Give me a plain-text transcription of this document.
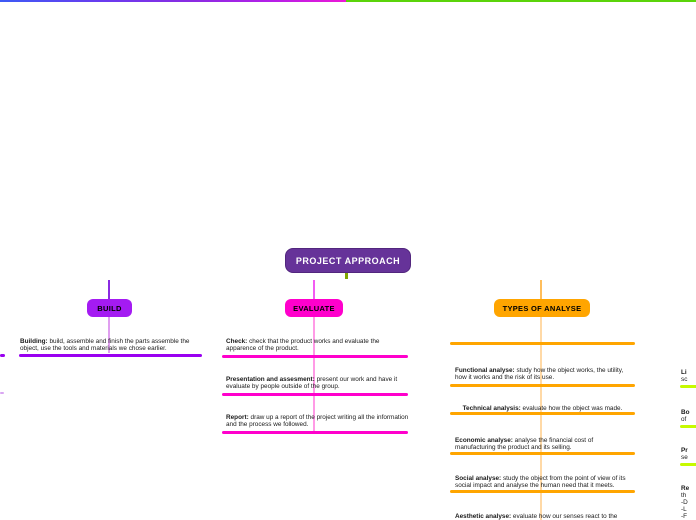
PROJECT APPROACH
BUILD	EVALUATE	TYPES OF ANALYSE
Building: build, assemble and finish the parts assemble the object, use the tools and materials we chose earlier.
Check: check that the product works and evaluate the apparence of the product.
Presentation and assesment: present our work and have it evaluate by people outside of the group.
Report: draw up a report of the project writing all the information and the process we followed.
Functional analyse: study how the object works, the utility, how it works and the risk of its use.
Technical analysis: evaluate how the object was made.
Economic analyse: analyse the financial cost of manufacturing the product and its selling.
Social analyse: study the object from the point of view of its social impact and analyse the human need that it meets.
Aesthetic analyse: evaluate how our senses react to the
Li
sc
Bo
of
Pr
se
Re
th
-D
-L
-F
